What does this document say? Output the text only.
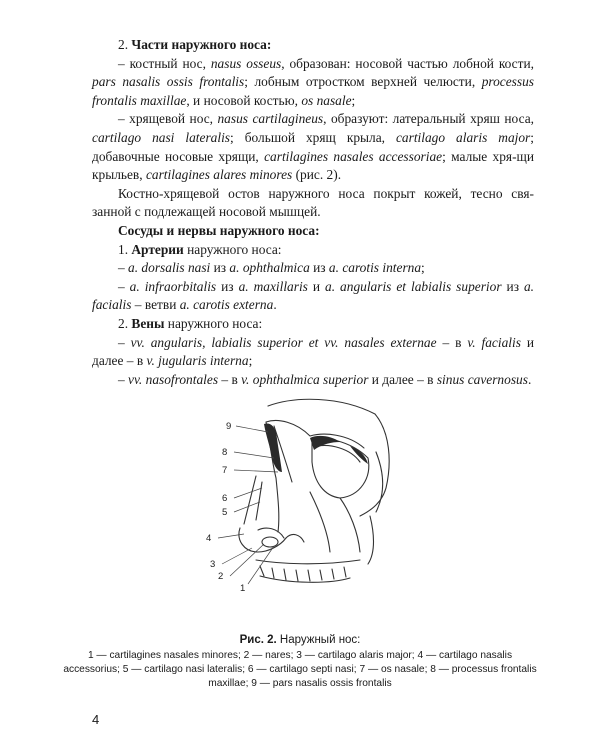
2. Части наружного носа:

– костный нос, nasus osseus, образован: носовой частью лобной кости, pars nasalis ossis frontalis; лобным отростком верхней челюсти, processus frontalis maxillae, и носовой костью, os nasale;

– хрящевой нос, nasus cartilagineus, образуют: латеральный хряш носа, cartilago nasi lateralis; большой хрящ крыла, cartilago alaris major; добавочные носовые хрящи, cartilagines nasales accessoriae; малые хря-щи крыльев, cartilagines alares minores (рис. 2).

Костно-хрящевой остов наружного носа покрыт кожей, тесно свя-занной с подлежащей носовой мышцей.

Сосуды и нервы наружного носа:

1. Артерии наружного носа:

– a. dorsalis nasi из a. ophthalmica из a. carotis interna;

– a. infraorbitalis из a. maxillaris и a. angularis et labialis superior из a. facialis – ветви a. carotis externa.

2. Вены наружного носа:

– vv. angularis, labialis superior et vv. nasales externae – в v. facialis и далее – в v. jugularis interna;

– vv. nasofrontales – в v. ophthalmica superior и далее – в sinus cavernosus.

9
8
7
6
5
4
3
2
1
Рис. 2. Наружный нос:
1 — cartilagines nasales minores; 2 — nares; 3 — cartilago alaris major; 4 — cartilago nasalis accessorius; 5 — cartilago nasi lateralis; 6 — cartilago septi nasi; 7 — os nasale; 8 — processus frontalis maxillae; 9 — pars nasalis ossis frontalis
4
